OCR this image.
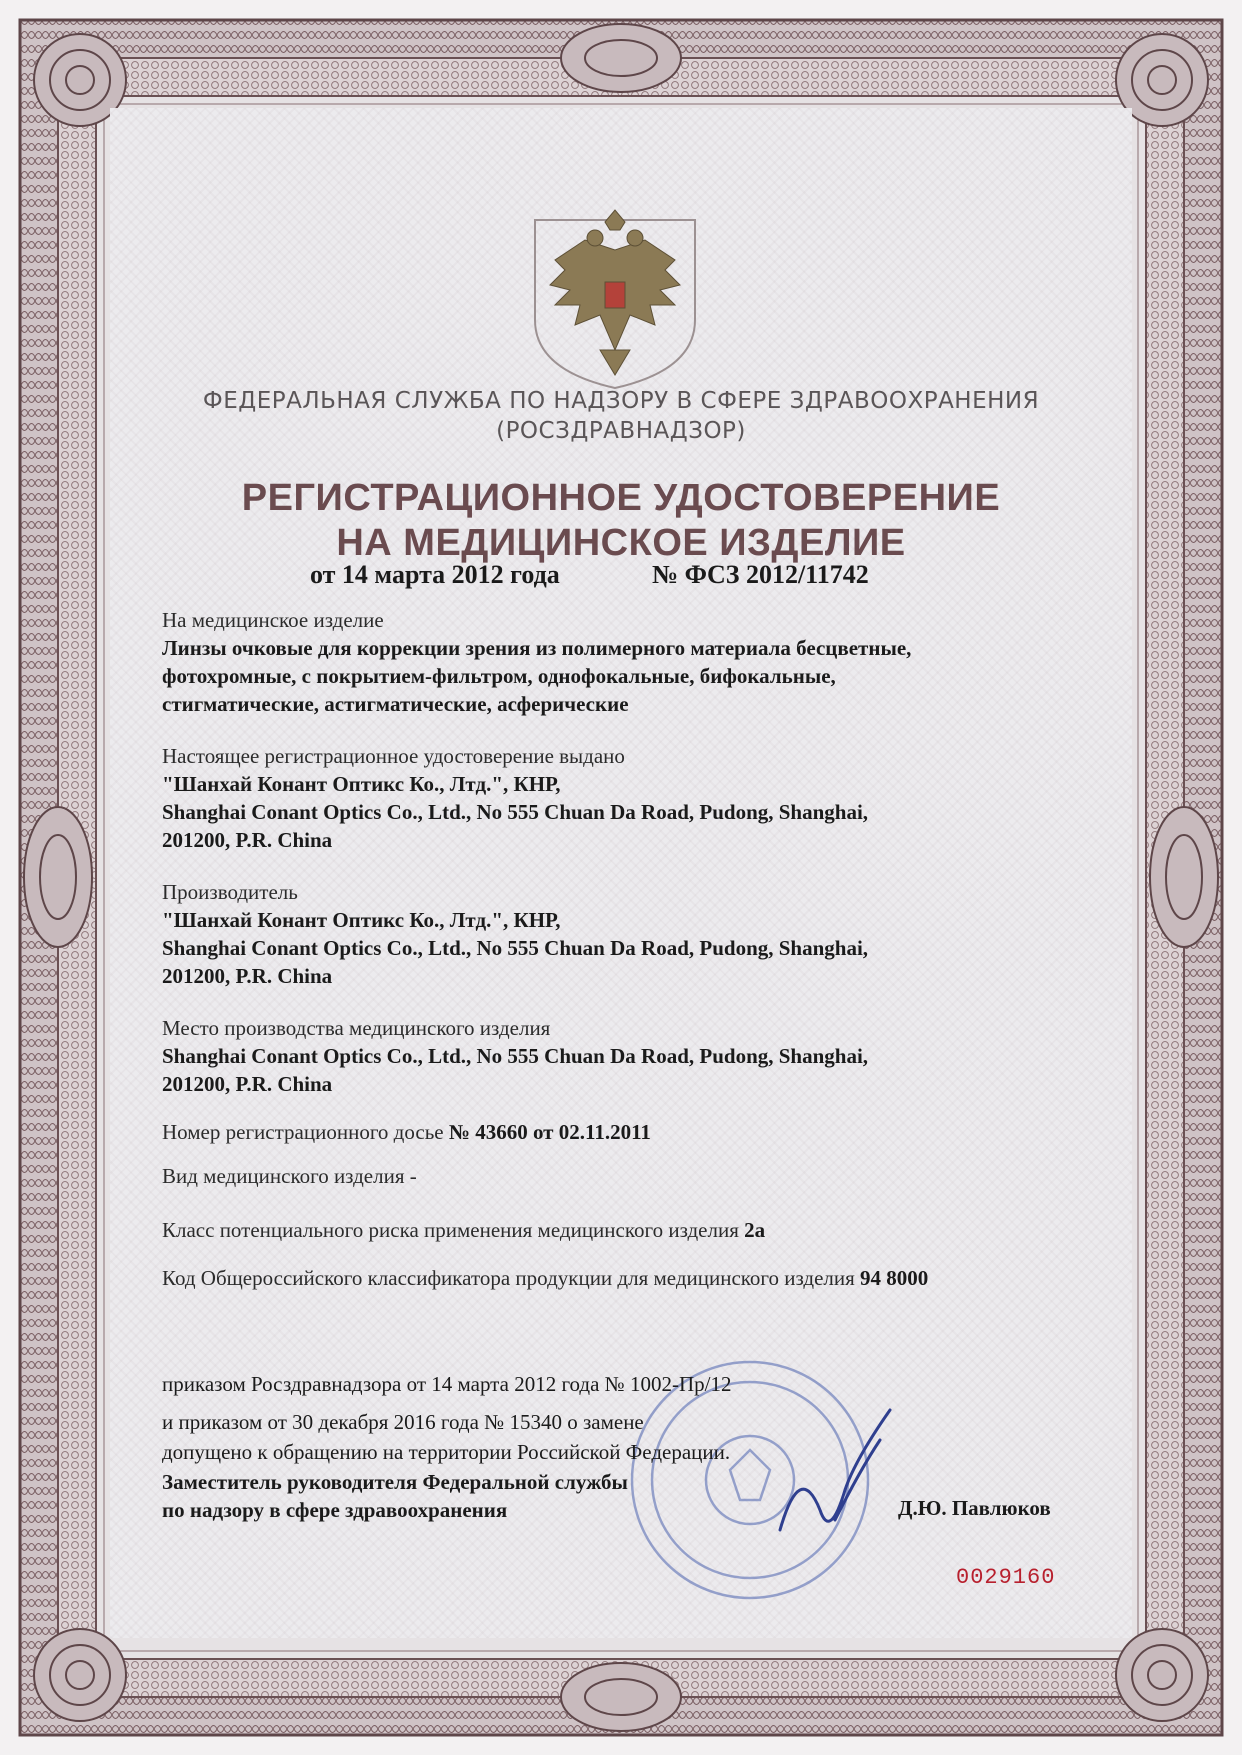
ФЕДЕРАЛЬНАЯ СЛУЖБА ПО НАДЗОРУ В СФЕРЕ ЗДРАВООХРАНЕНИЯ
(РОСЗДРАВНАДЗОР)
РЕГИСТРАЦИОННОЕ УДОСТОВЕРЕНИЕ
НА МЕДИЦИНСКОЕ ИЗДЕЛИЕ
от 14 марта 2012 года	№ ФСЗ 2012/11742
На медицинское изделие
Линзы очковые для коррекции зрения из полимерного материала бесцветные,
фотохромные, с покрытием-фильтром, однофокальные, бифокальные,
стигматические, астигматические, асферические
Настоящее регистрационное удостоверение выдано
"Шанхай Конант Оптикс Ко., Лтд.", КНР,
Shanghai Conant Optics Co., Ltd., No 555 Chuan Da Road, Pudong, Shanghai,
201200, P.R. China
Производитель
"Шанхай Конант Оптикс Ко., Лтд.", КНР,
Shanghai Conant Optics Co., Ltd., No 555 Chuan Da Road, Pudong, Shanghai,
201200, P.R. China
Место производства медицинского изделия
Shanghai Conant Optics Co., Ltd., No 555 Chuan Da Road, Pudong, Shanghai,
201200, P.R. China
Номер регистрационного досье № 43660 от 02.11.2011
Вид медицинского изделия -
Класс потенциального риска применения медицинского изделия 2а
Код Общероссийского классификатора продукции для медицинского изделия 94 8000
приказом Росздравнадзора от 14 марта 2012 года № 1002-Пр/12
и приказом от 30 декабря 2016 года № 15340 о замене
допущено к обращению на территории Российской Федерации.
Заместитель руководителя Федеральной службы
по надзору в сфере здравоохранения	Д.Ю. Павлюков
0029160
